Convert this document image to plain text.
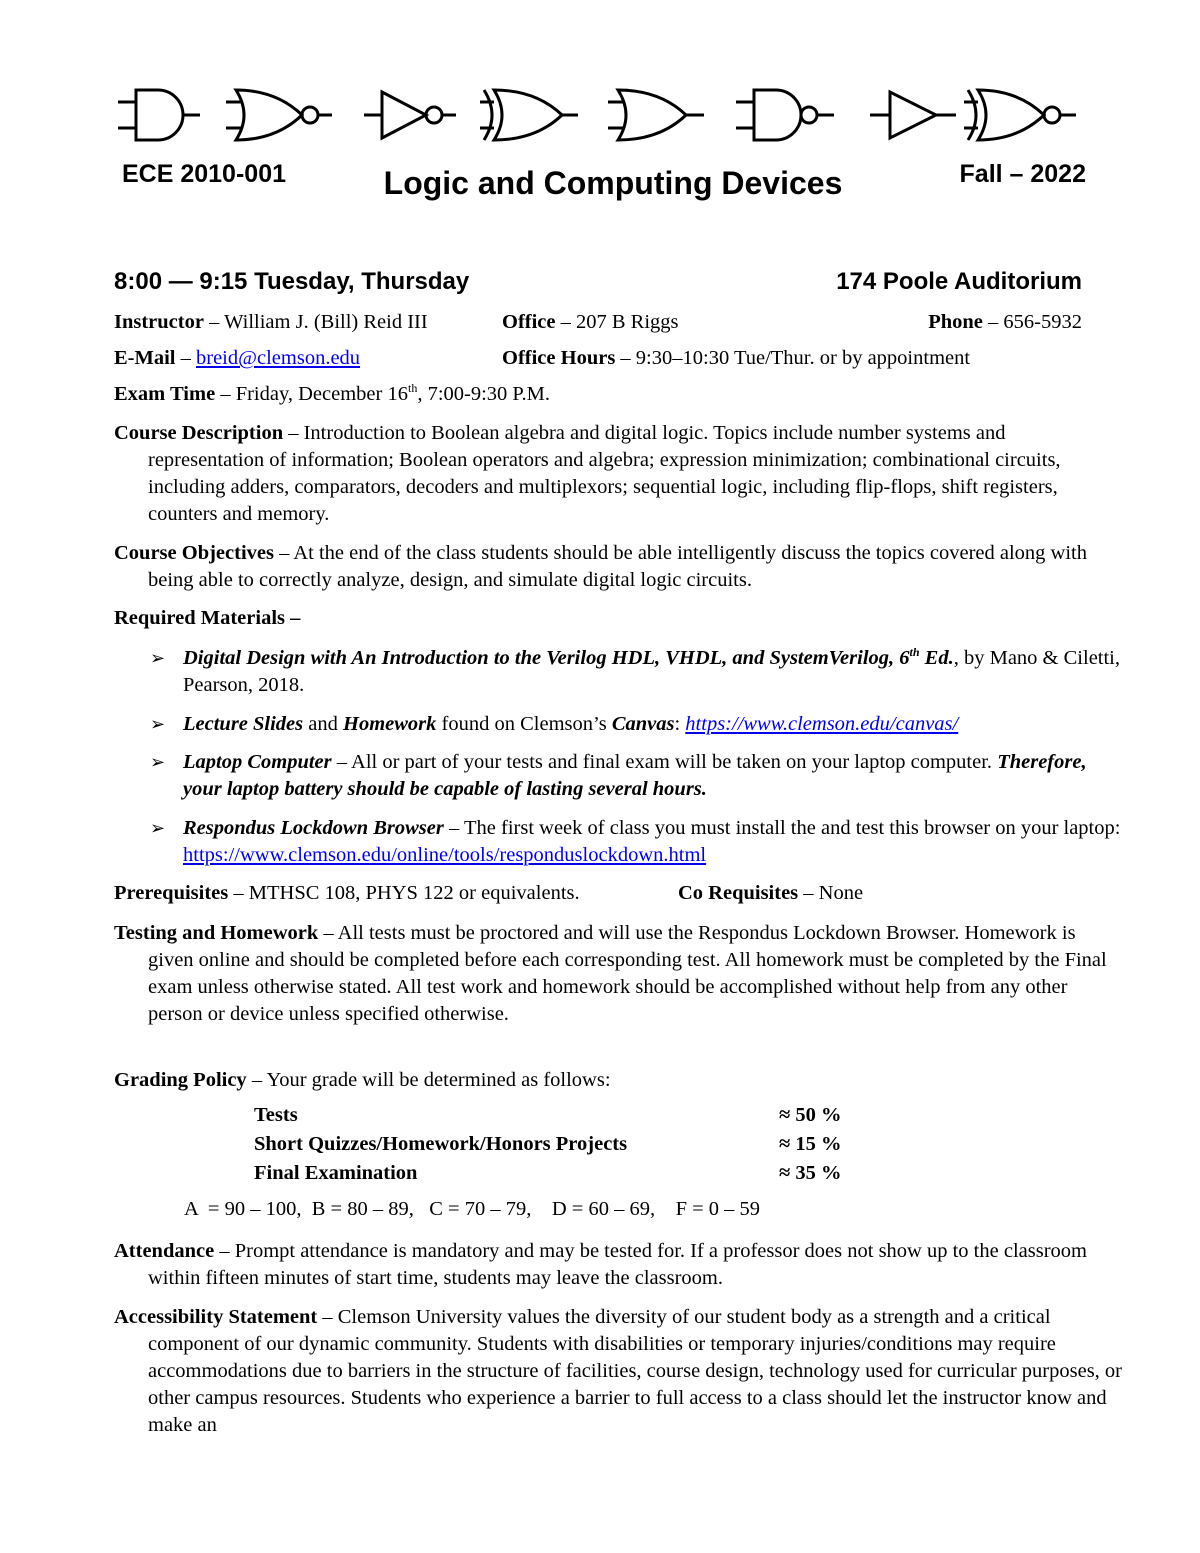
ECE 2010-001	Logic and Computing Devices	Fall – 2022
8:00 — 9:15 Tuesday, Thursday	174 Poole Auditorium
Instructor – William J. (Bill) Reid III	Office – 207 B Riggs	Phone – 656-5932
E-Mail – breid@clemson.edu	Office Hours – 9:30–10:30 Tue/Thur. or by appointment
Exam Time – Friday, December 16th, 7:00-9:30 P.M.
Course Description – Introduction to Boolean algebra and digital logic. Topics include number systems and representation of information; Boolean operators and algebra; expression minimization; combinational circuits, including adders, comparators, decoders and multiplexors; sequential logic, including flip-flops, shift registers, counters and memory.
Course Objectives – At the end of the class students should be able intelligently discuss the topics covered along with being able to correctly analyze, design, and simulate digital logic circuits.
Required Materials –
➢ Digital Design with An Introduction to the Verilog HDL, VHDL, and SystemVerilog, 6th Ed., by Mano & Ciletti, Pearson, 2018.
➢ Lecture Slides and Homework found on Clemson’s Canvas: https://www.clemson.edu/canvas/
➢ Laptop Computer – All or part of your tests and final exam will be taken on your laptop computer. Therefore, your laptop battery should be capable of lasting several hours.
➢ Respondus Lockdown Browser – The first week of class you must install the and test this browser on your laptop: https://www.clemson.edu/online/tools/responduslockdown.html
Prerequisites – MTHSC 108, PHYS 122 or equivalents.	Co Requisites – None
Testing and Homework – All tests must be proctored and will use the Respondus Lockdown Browser. Homework is given online and should be completed before each corresponding test. All homework must be completed by the Final exam unless otherwise stated. All test work and homework should be accomplished without help from any other person or device unless specified otherwise.
Grading Policy – Your grade will be determined as follows:
Tests	≈ 50 %
Short Quizzes/Homework/Honors Projects	≈ 15 %
Final Examination	≈ 35 %
A  = 90 – 100,  B = 80 – 89,   C = 70 – 79,    D = 60 – 69,    F = 0 – 59
Attendance – Prompt attendance is mandatory and may be tested for. If a professor does not show up to the classroom within fifteen minutes of start time, students may leave the classroom.
Accessibility Statement – Clemson University values the diversity of our student body as a strength and a critical component of our dynamic community. Students with disabilities or temporary injuries/conditions may require accommodations due to barriers in the structure of facilities, course design, technology used for curricular purposes, or other campus resources. Students who experience a barrier to full access to a class should let the instructor know and make an
